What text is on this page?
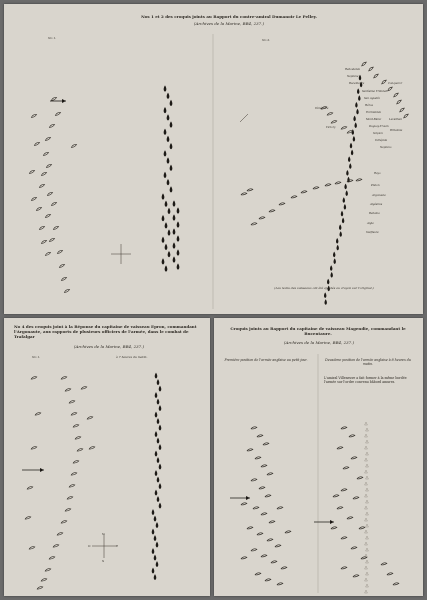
Nos 1 et 2 des croquis joints au Rapport du contre-amiral Dumanoir Le Pelley.
(Archives de la Marine, BB4, 237.)
No 1.	No 2.
(Les noms des vaisseaux ont été ajoutés au crayon sur l'original.)
Redoutable
Neptune
Bucentaure
Santísima Trinidad
San Agustín
Héros
Formidable
Mont-Blanc
Duguay-Trouin
Scipion
Intrépide
Neptuno
Rayo
Pluton
Argonaute
Algésiras
Bahama
Aigle
Swiftsure
Téméraire
Victory
Conqueror
Leviathan
Britannia
No 4 des croquis joint à la Réponse du capitaine de vaisseau Epron, commandant l'Argonaute, aux rapports de plusieurs officiers de l'armée, dans le combat de Trafalgar
(Archives de la Marine, BB4, 237.)
No 1.	à 7 heures du matin.
N
E
S
O
Croquis joints au Rapport du capitaine de vaisseau Magendie, commandant le Bucentaure.
(Archives de la Marine, BB4, 237.)
Première position de l'armée anglaise au petit jour.	Deuxième position de l'armée anglaise à 8 heures du matin.
L'amiral Villeneuve a fait former à la même bordée l'armée sur l'ordre convenu bâbord amures.
